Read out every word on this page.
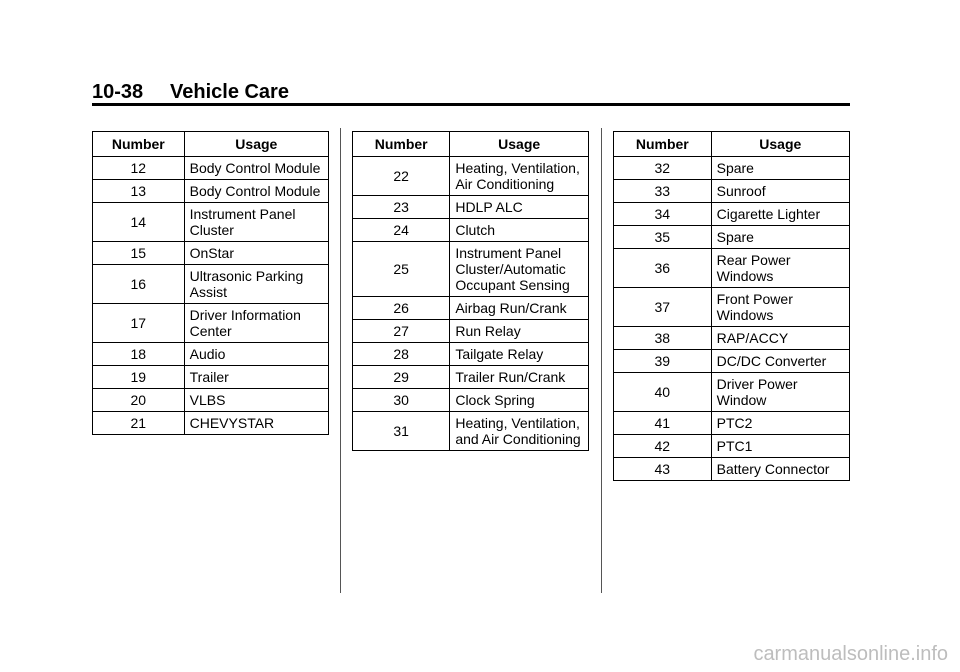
10-38 Vehicle Care
Number	Usage
12	Body Control Module
13	Body Control Module
14	Instrument Panel Cluster
15	OnStar
16	Ultrasonic Parking Assist
17	Driver Information Center
18	Audio
19	Trailer
20	VLBS
21	CHEVYSTAR
Number	Usage
22	Heating, Ventilation, Air Conditioning
23	HDLP ALC
24	Clutch
25	Instrument Panel Cluster/Automatic Occupant Sensing
26	Airbag Run/Crank
27	Run Relay
28	Tailgate Relay
29	Trailer Run/Crank
30	Clock Spring
31	Heating, Ventilation, and Air Conditioning
Number	Usage
32	Spare
33	Sunroof
34	Cigarette Lighter
35	Spare
36	Rear Power Windows
37	Front Power Windows
38	RAP/ACCY
39	DC/DC Converter
40	Driver Power Window
41	PTC2
42	PTC1
43	Battery Connector
carmanualsonline.info
